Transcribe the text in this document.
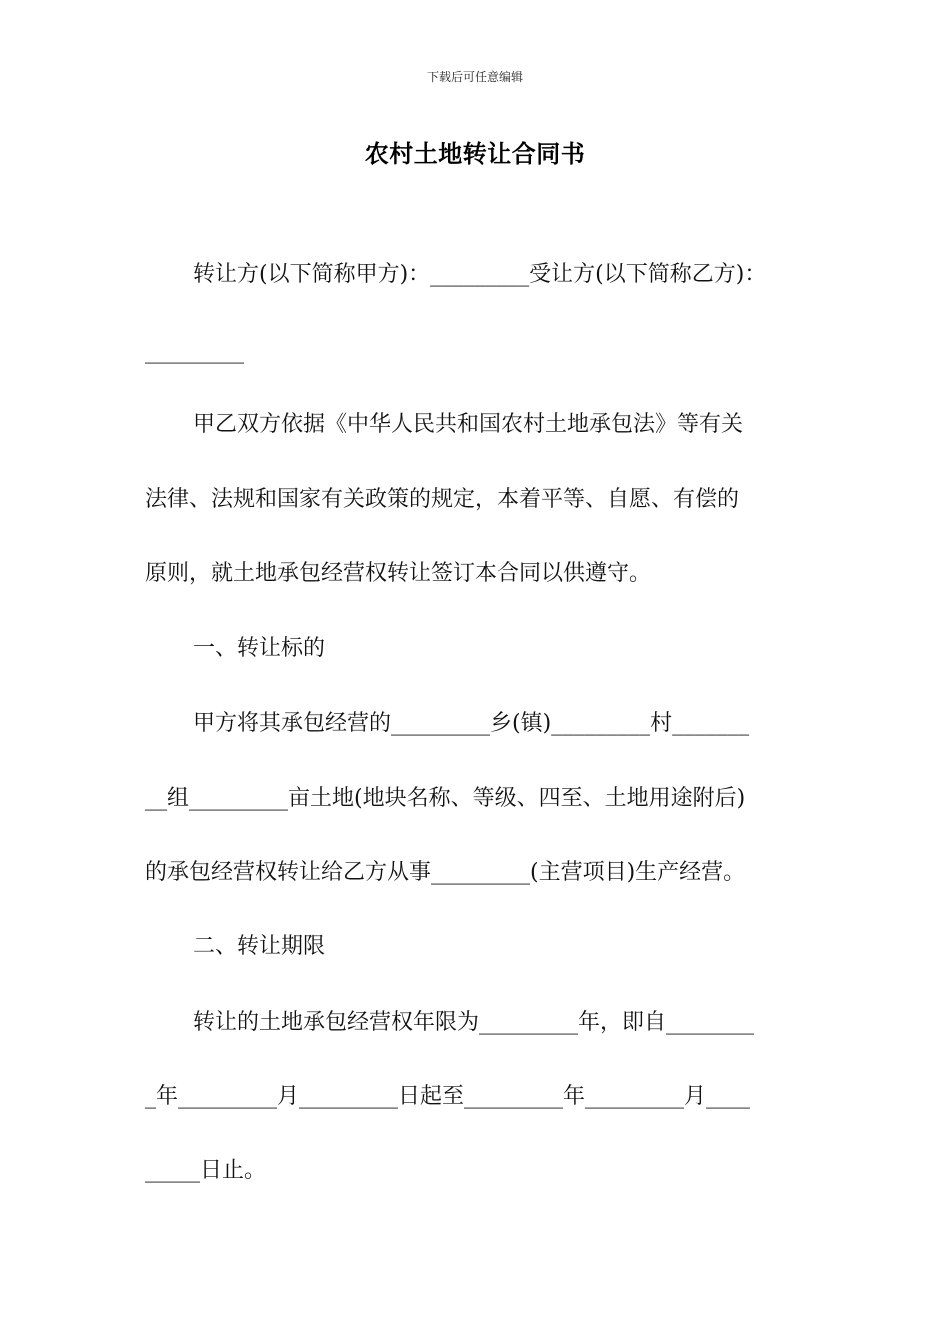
下载后可任意编辑
农村土地转让合同书
转让方(以下简称甲方)：_________受让方(以下简称乙方)：
_________
甲乙双方依据《中华人民共和国农村土地承包法》等有关
法律、法规和国家有关政策的规定，本着平等、自愿、有偿的
原则，就土地承包经营权转让签订本合同以供遵守。
一、转让标的
甲方将其承包经营的_________乡(镇)_________村_______
__组_________亩土地(地块名称、等级、四至、土地用途附后)
的承包经营权转让给乙方从事_________(主营项目)生产经营。
二、转让期限
转让的土地承包经营权年限为_________年，即自________
_年_________月_________日起至_________年_________月____
_____日止。
